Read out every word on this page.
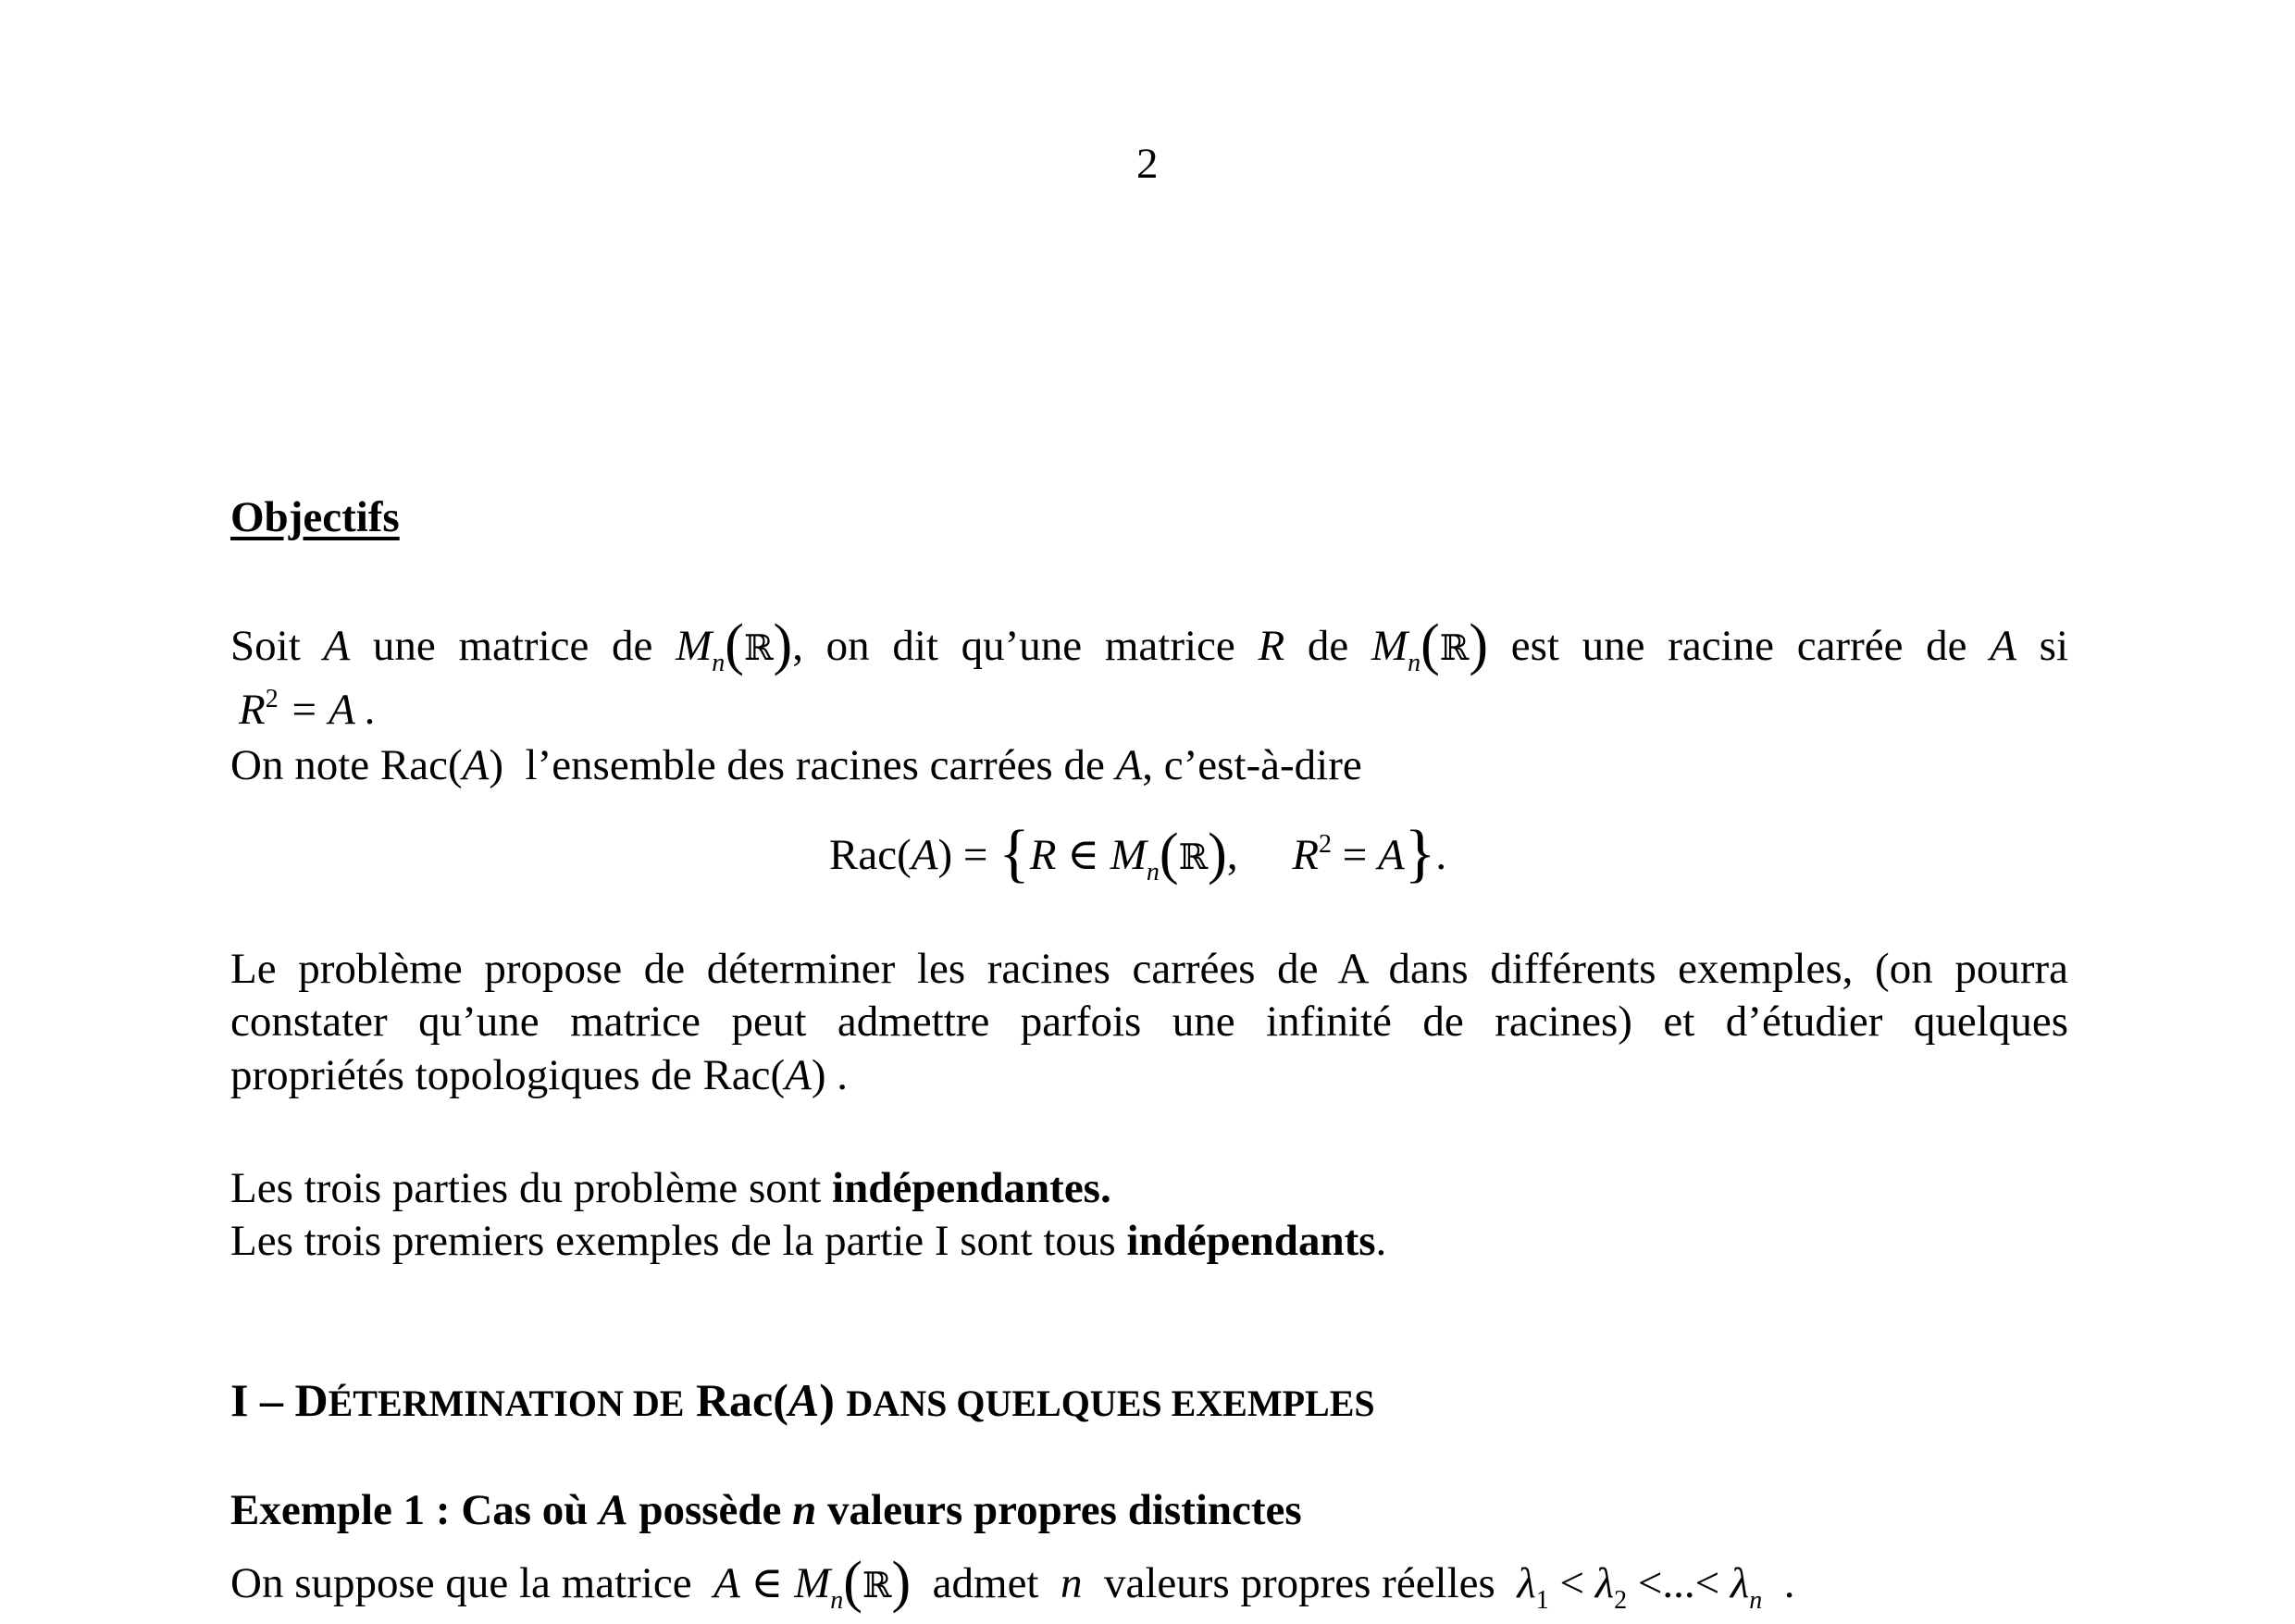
2
Objectifs
Soit A une matrice de $M_n(ℝ)$, on dit qu’une matrice R de $M_n(ℝ)$ est une racine carrée de A si
$R^2 = A$ .
On note Rac(A) l’ensemble des racines carrées de A, c’est-à-dire
Rac(A) = {R ∈ $M_n(ℝ)$, $R^2 = A$}.
Le problème propose de déterminer les racines carrées de A dans différents exemples, (on pourra
constater qu’une matrice peut admettre parfois une infinité de racines) et d’étudier quelques
propriétés topologiques de Rac(A) .
Les trois parties du problème sont indépendantes.
Les trois premiers exemples de la partie I sont tous indépendants.
I – DÉTERMINATION DE Rac(A) DANS QUELQUES EXEMPLES
Exemple 1 : Cas où A possède n valeurs propres distinctes
On suppose que la matrice A ∈ $M_n(ℝ)$ admet n valeurs propres réelles $\lambda_1 < \lambda_2$ <...< $\lambda_n$ .
